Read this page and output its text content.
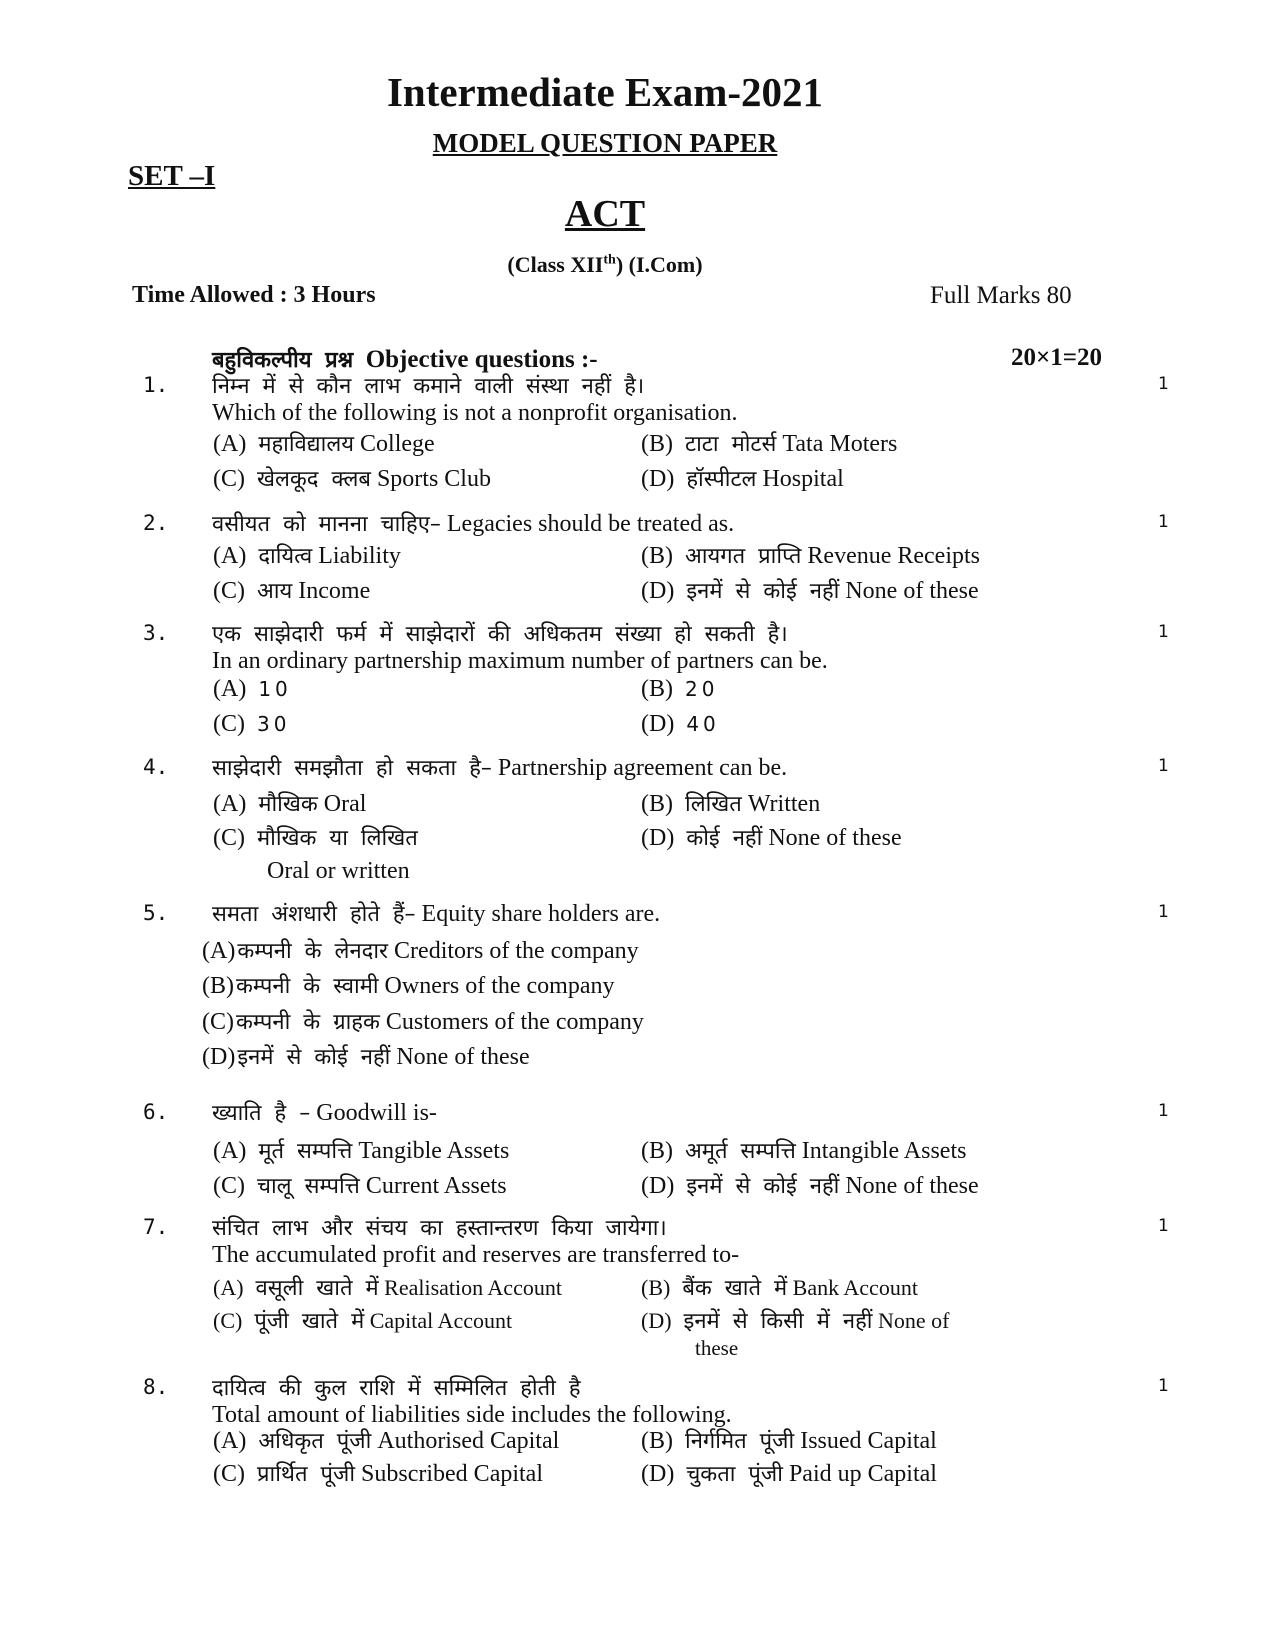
Intermediate Exam-2021
MODEL QUESTION PAPER
SET –I
ACT
(Class XIIth) (I.Com)
Time Allowed : 3 Hours	Full Marks 80
बहुविकल्पीय प्रश्न Objective questions :-	20×1=20
1.	1
निम्न में से कौन लाभ कमाने वाली संस्था नहीं है।
Which of the following is not a nonprofit organisation.
(A) महाविद्यालय College	(B) टाटा मोटर्स Tata Moters
(C) खेलकूद क्लब Sports Club	(D) हॉस्पीटल Hospital
2.	1
वसीयत को मानना चाहिए– Legacies should be treated as.
(A) दायित्व Liability	(B) आयगत प्राप्ति Revenue Receipts
(C) आय Income	(D) इनमें से कोई नहीं None of these
3.	1
एक साझेदारी फर्म में साझेदारों की अधिकतम संख्या हो सकती है।
In an ordinary partnership maximum number of partners can be.
(A) 10	(B) 20
(C) 30	(D) 40
4.	1
साझेदारी समझौता हो सकता है– Partnership agreement can be.
(A) मौखिक Oral	(B) लिखित Written
(C) मौखिक या लिखित
Oral or written
(D) कोई नहीं None of these
5.	1
समता अंशधारी होते हैं– Equity share holders are.
(A)कम्पनी के लेनदार Creditors of the company
(B)कम्पनी के स्वामी Owners of the company
(C)कम्पनी के ग्राहक Customers of the company
(D)इनमें से कोई नहीं None of these
6.	1
ख्याति है – Goodwill is-
(A) मूर्त सम्पत्ति Tangible Assets	(B) अमूर्त सम्पत्ति Intangible Assets
(C) चालू सम्पत्ति Current Assets	(D) इनमें से कोई नहीं None of these
7.	1
संचित लाभ और संचय का हस्तान्तरण किया जायेगा।
The accumulated profit and reserves are transferred to-
(A) वसूली खाते में Realisation Account	(B) बैंक खाते में Bank Account
(C) पूंजी खाते में Capital Account	(D) इनमें से किसी में नहीं None of
these
8.	1
दायित्व की कुल राशि में सम्मिलित होती है
Total amount of liabilities side includes the following.
(A) अधिकृत पूंजी Authorised Capital	(B) निर्गमित पूंजी Issued Capital
(C) प्रार्थित पूंजी Subscribed Capital	(D) चुकता पूंजी Paid up Capital
